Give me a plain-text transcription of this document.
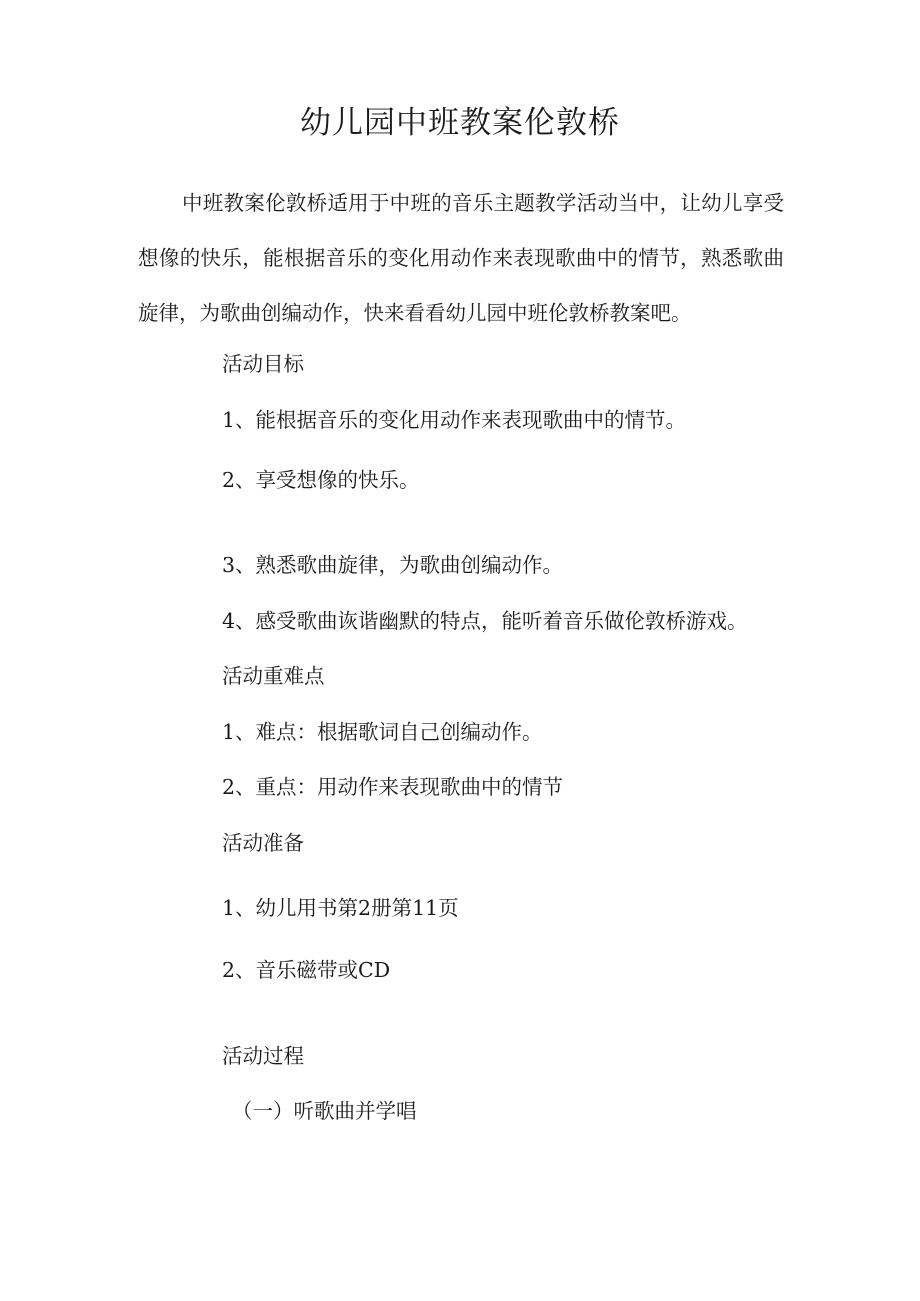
幼儿园中班教案伦敦桥

中班教案伦敦桥适用于中班的音乐主题教学活动当中，让幼儿享受想像的快乐，能根据音乐的变化用动作来表现歌曲中的情节，熟悉歌曲旋律，为歌曲创编动作，快来看看幼儿园中班伦敦桥教案吧。

活动目标

1、能根据音乐的变化用动作来表现歌曲中的情节。

2、享受想像的快乐。

3、熟悉歌曲旋律，为歌曲创编动作。

4、感受歌曲诙谐幽默的特点，能听着音乐做伦敦桥游戏。

活动重难点

1、难点：根据歌词自己创编动作。

2、重点：用动作来表现歌曲中的情节

活动准备

1、幼儿用书第2册第11页

2、音乐磁带或CD

活动过程

（一）听歌曲并学唱
